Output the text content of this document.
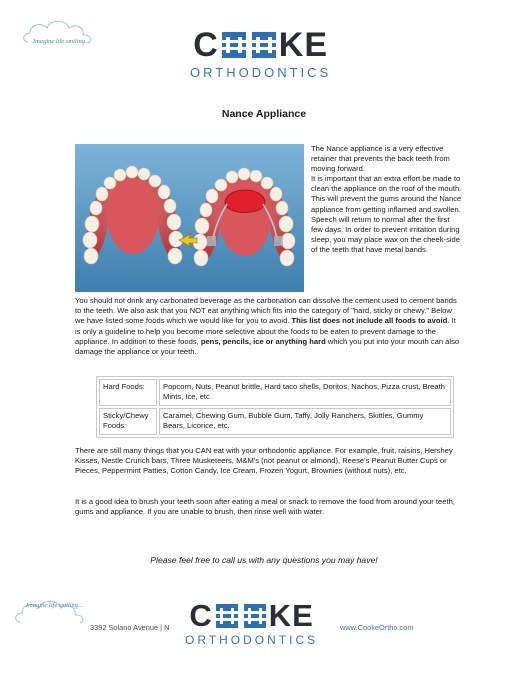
Imagine life smiling...	C KE
ORTHODONTICS
Nance Appliance

The Nance appliance is a very effective retainer that prevents the back teeth from moving forward.

It is important that an extra effort be made to clean the appliance on the roof of the mouth. This will prevent the gums around the Nance appliance from getting inflamed and swollen.

Speech will return to normal after the first few days. In order to prevent irritation during sleep, you may place wax on the cheek-side of the teeth that have metal bands.

You should not drink any carbonated beverage as the carbonation can dissolve the cement used to cement bands to the teeth. We also ask that you NOT eat anything which fits into the category of "hard, sticky or chewy." Below we have listed some foods which we would like for you to avoid. This list does not include all foods to avoid. It is only a guideline to help you become more selective about the foods to be eaten to prevent damage to the appliance. In addition to these foods, pens, pencils, ice or anything hard which you put into your mouth can also damage the appliance or your teeth.
Hard Foods:	Popcorn, Nuts, Peanut brittle, Hard taco shells, Doritos, Nachos, Pizza crust, Breath Mints, Ice, etc.
Sticky/Chewy Foods:	Caramel, Chewing Gum, Bubble Gum, Taffy, Jolly Ranchers, Skittles, Gummy Bears, Licorice, etc.
There are still many things that you CAN eat with your orthodontic appliance. For example, fruit, raisins, Hershey Kisses, Nestle Crunch bars, Three Musketeers, M&M's (not peanut or almond), Reese's Peanut Butter Cups or Pieces, Peppermint Patties, Cotton Candy, Ice Cream, Frozen Yogurt, Brownies (without nuts), etc.
It is a good idea to brush your teeth soon after eating a meal or snack to remove the food from around your teeth, gums and appliance. If you are unable to brush, then rinse well with water.
Please feel free to call us with any questions you may have!
Imagine life smiling...	C KE
ORTHODONTICS
3392 Solano Avenue | N	www.CookeOrtho.com
